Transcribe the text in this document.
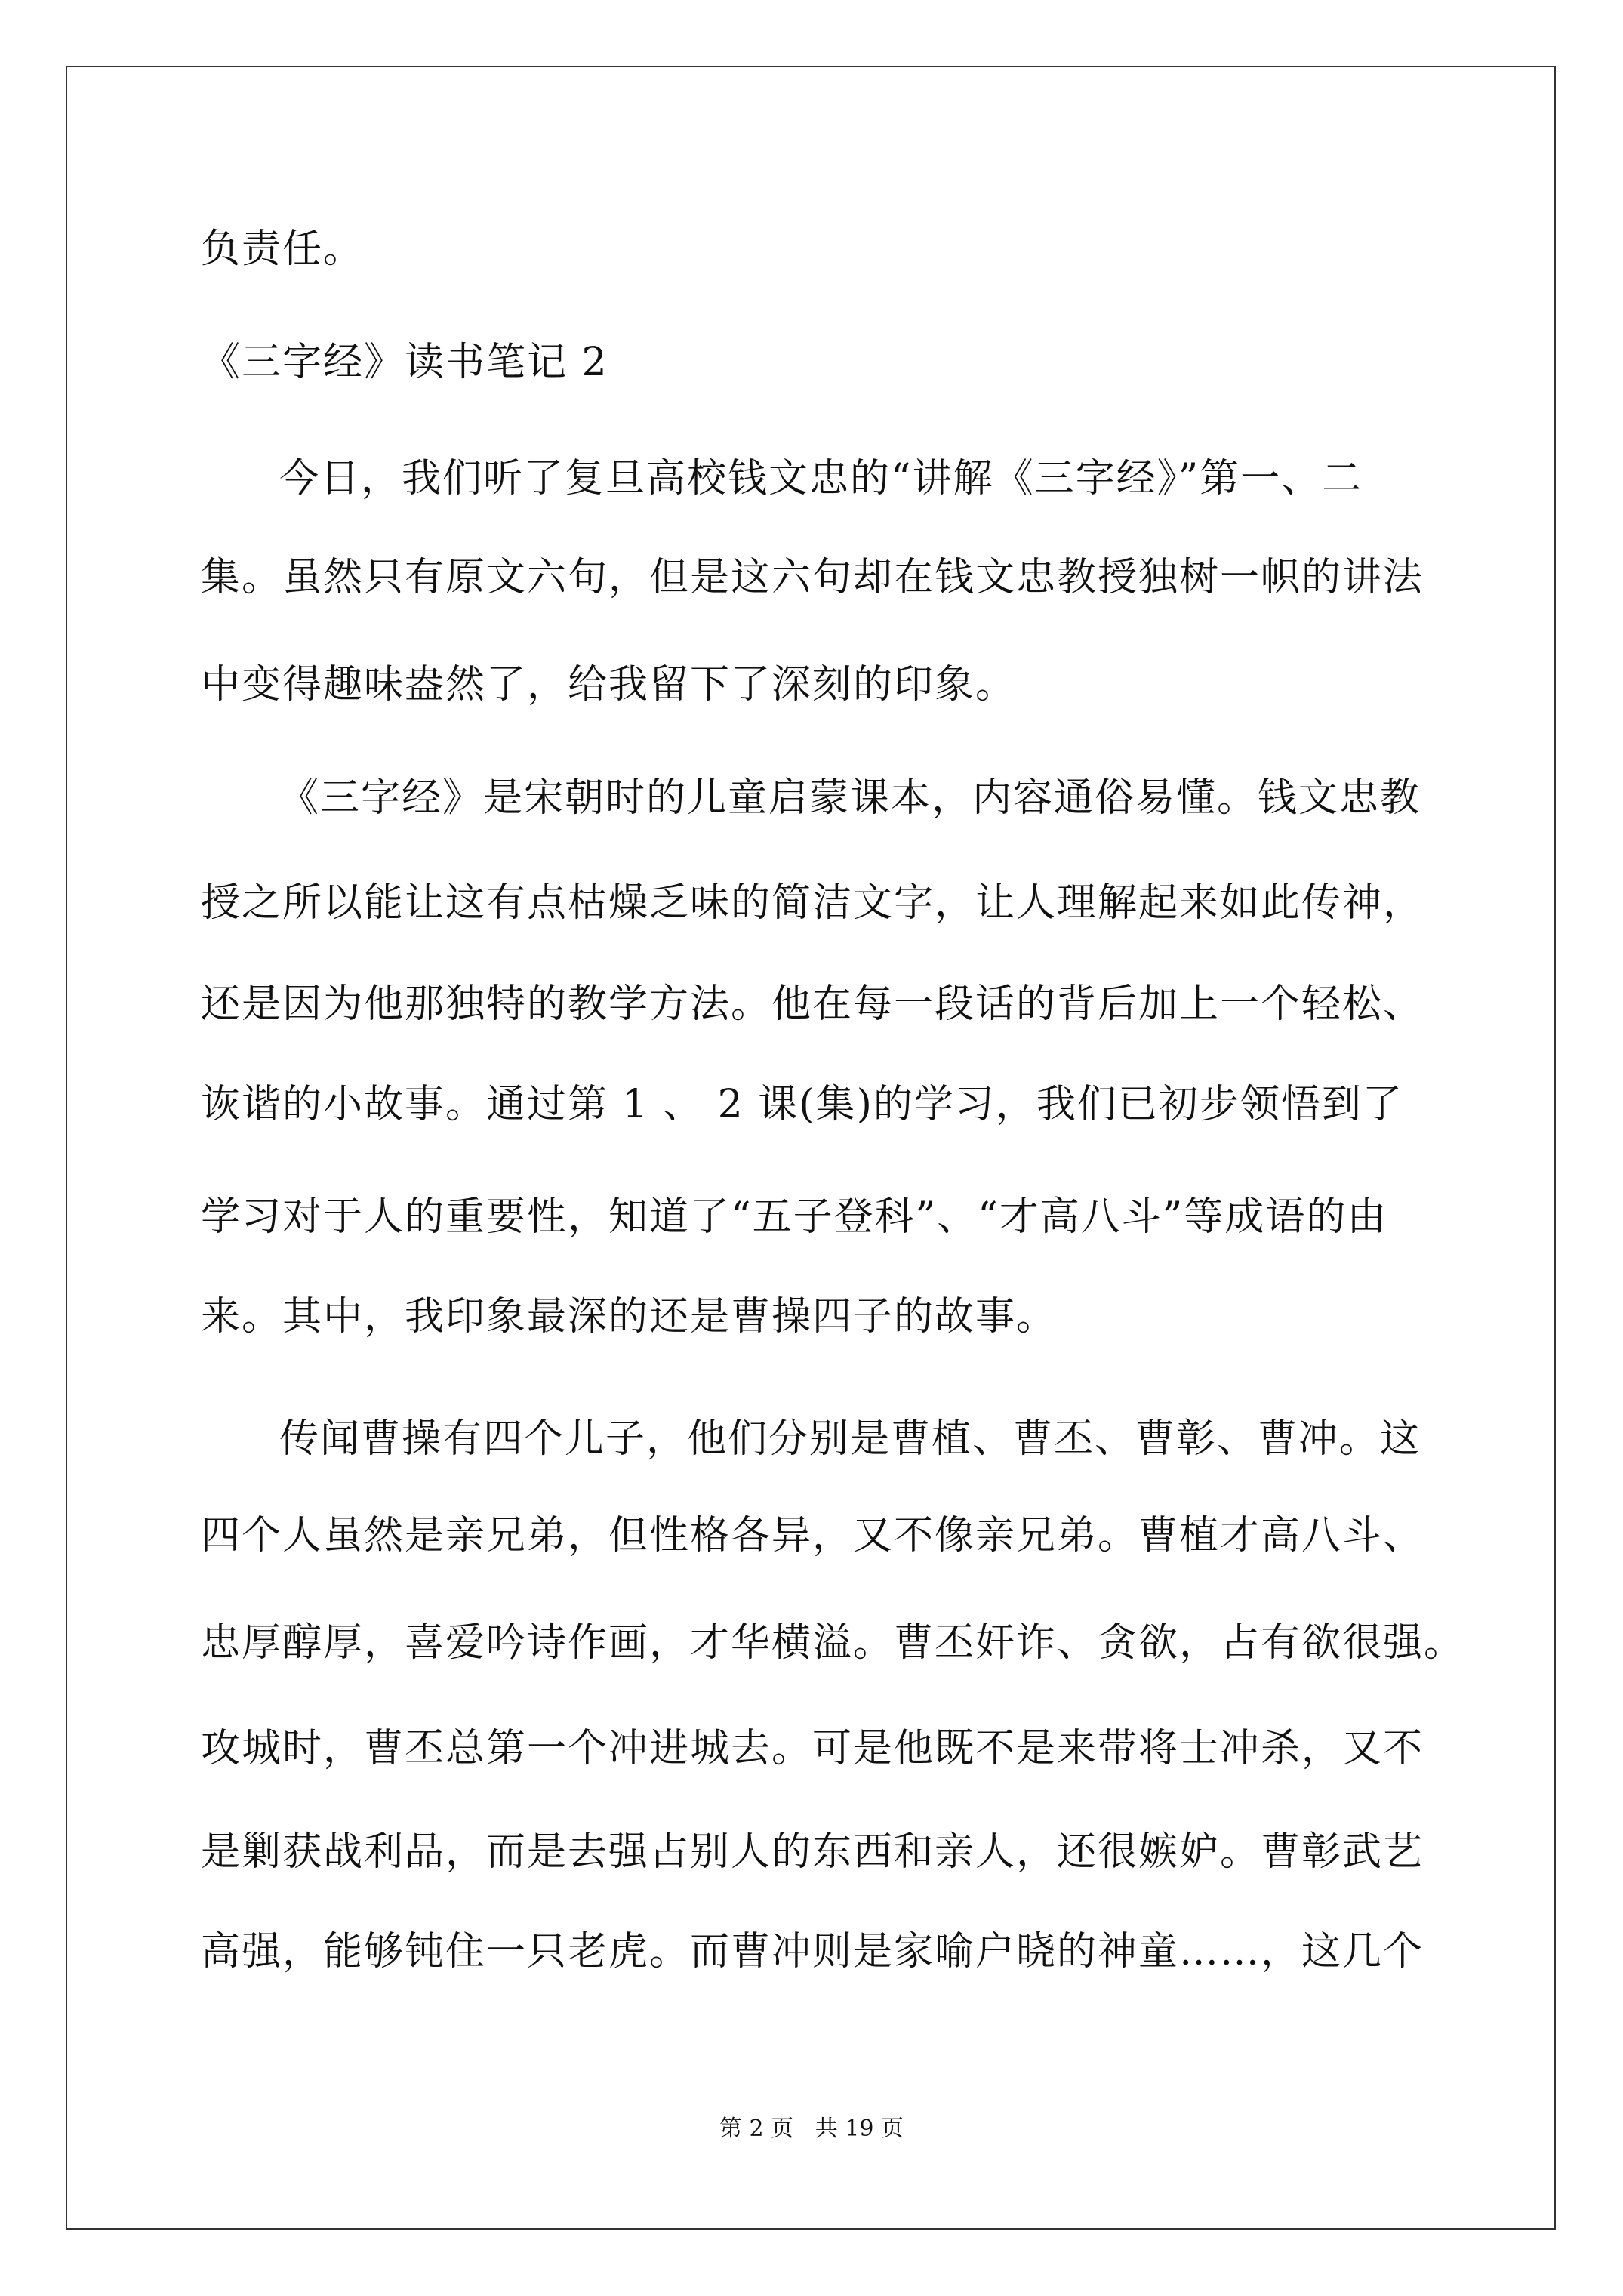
负责任。

《三字经》读书笔记 2

今日，我们听了复旦高校钱文忠的“讲解《三字经》”第一、二

集。虽然只有原文六句，但是这六句却在钱文忠教授独树一帜的讲法

中变得趣味盎然了，给我留下了深刻的印象。

《三字经》是宋朝时的儿童启蒙课本，内容通俗易懂。钱文忠教

授之所以能让这有点枯燥乏味的简洁文字，让人理解起来如此传神，

还是因为他那独特的教学方法。他在每一段话的背后加上一个轻松、

诙谐的小故事。通过第 1 、 2 课(集)的学习，我们已初步领悟到了

学习对于人的重要性，知道了“五子登科”、“才高八斗”等成语的由

来。其中，我印象最深的还是曹操四子的故事。

传闻曹操有四个儿子，他们分别是曹植、曹丕、曹彰、曹冲。这

四个人虽然是亲兄弟，但性格各异，又不像亲兄弟。曹植才高八斗、

忠厚醇厚，喜爱吟诗作画，才华横溢。曹丕奸诈、贪欲，占有欲很强。

攻城时，曹丕总第一个冲进城去。可是他既不是来带将士冲杀，又不

是剿获战利品，而是去强占别人的东西和亲人，还很嫉妒。曹彰武艺

高强，能够钝住一只老虎。而曹冲则是家喻户晓的神童……，这几个

第 2 页   共 19 页
